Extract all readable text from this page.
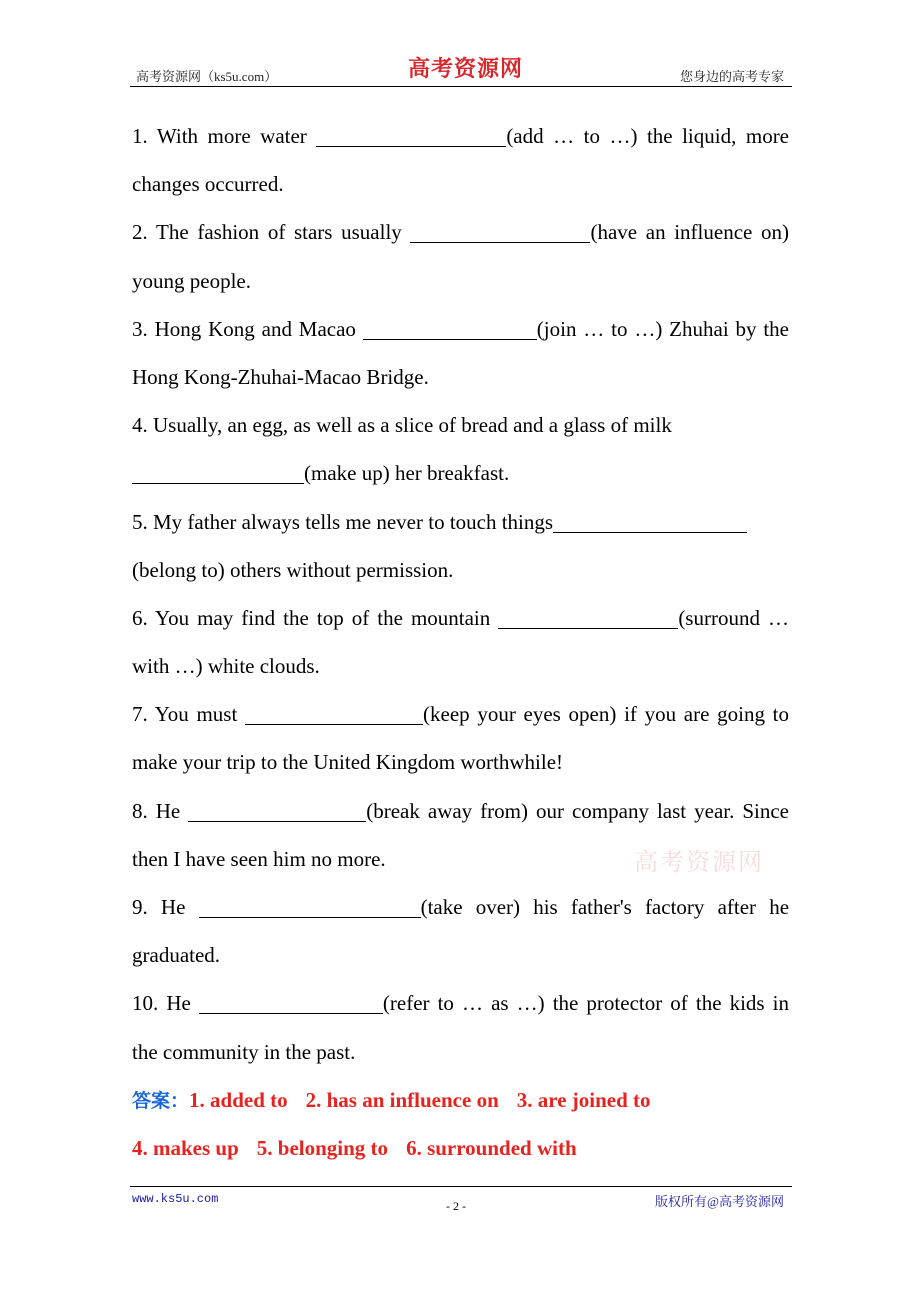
高考资源网（ks5u.com）	高考资源网	您身边的高考专家
1. With more water	(add … to …) the liquid, more
changes occurred.
2. The fashion of stars usually	(have an influence on)
young people.
3. Hong Kong and Macao	(join … to …) Zhuhai by the
Hong Kong-Zhuhai-Macao Bridge.
4. Usually, an egg, as well as a slice of bread and a glass of milk
(make up) her breakfast.
5. My father always tells me never to touch things
(belong to) others without permission.
6. You may find the top of the mountain	(surround …
with …) white clouds.
7. You must	(keep your eyes open) if you are going to
make your trip to the United Kingdom worthwhile!
8. He	(break away from) our company last year. Since
then I have seen him no more.
9. He	(take over) his father's factory after he
graduated.
10. He	(refer to … as …) the protector of the kids in
the community in the past.
答案：1. added to 2. has an influence on 3. are joined to
4. makes up 5. belonging to 6. surrounded with
高考资源网
www.ks5u.com	- 2 -	版权所有@高考资源网
